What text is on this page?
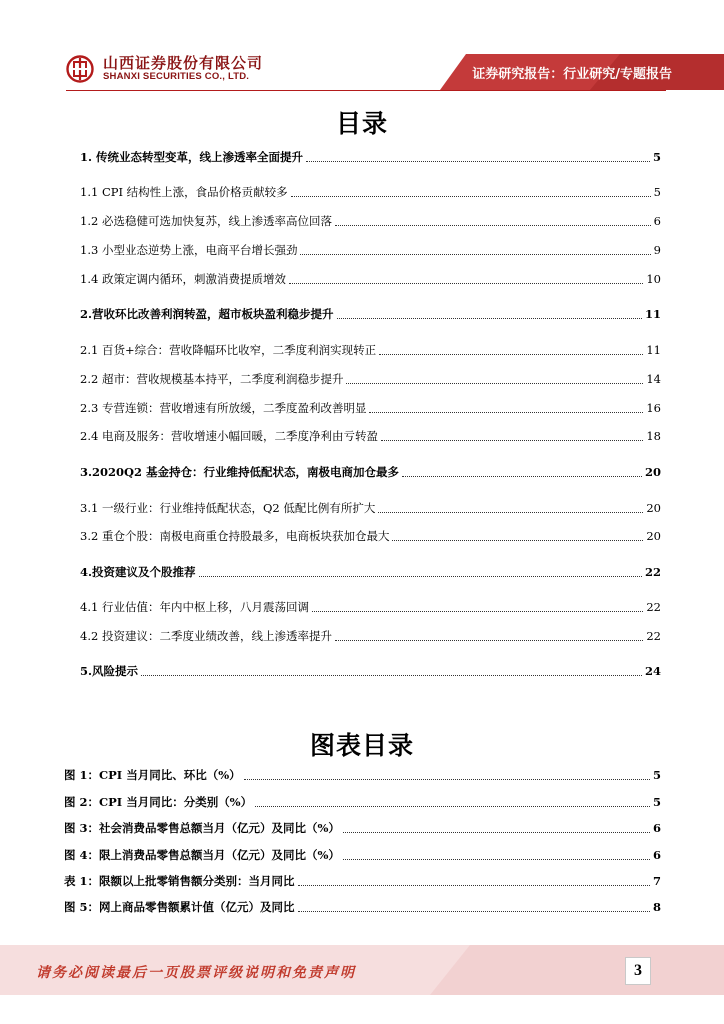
山西证券股份有限公司
SHANXI SECURITIES CO., LTD.	证券研究报告：行业研究/专题报告
目录
1. 传统业态转型变革，线上渗透率全面提升	5
1.1 CPI 结构性上涨，食品价格贡献较多	5
1.2 必选稳健可选加快复苏，线上渗透率高位回落	6
1.3 小型业态逆势上涨，电商平台增长强劲	9
1.4 政策定调内循环，刺激消费提质增效	10
2.营收环比改善利润转盈，超市板块盈利稳步提升	11
2.1 百货+综合：营收降幅环比收窄，二季度利润实现转正	11
2.2 超市：营收规模基本持平，二季度利润稳步提升	14
2.3 专营连锁：营收增速有所放缓，二季度盈利改善明显	16
2.4 电商及服务：营收增速小幅回暖，二季度净利由亏转盈	18
3.2020Q2 基金持仓：行业维持低配状态，南极电商加仓最多	20
3.1 一级行业：行业维持低配状态，Q2 低配比例有所扩大	20
3.2 重仓个股：南极电商重仓持股最多，电商板块获加仓最大	20
4.投资建议及个股推荐	22
4.1 行业估值：年内中枢上移，八月震荡回调	22
4.2 投资建议：二季度业绩改善，线上渗透率提升	22
5.风险提示	24
图表目录
图 1：CPI 当月同比、环比（%）	5
图 2：CPI 当月同比：分类别（%）	5
图 3：社会消费品零售总额当月（亿元）及同比（%）	6
图 4：限上消费品零售总额当月（亿元）及同比（%）	6
表 1：限额以上批零销售额分类别：当月同比	7
图 5：网上商品零售额累计值（亿元）及同比	8
请务必阅读最后一页股票评级说明和免责声明	3
